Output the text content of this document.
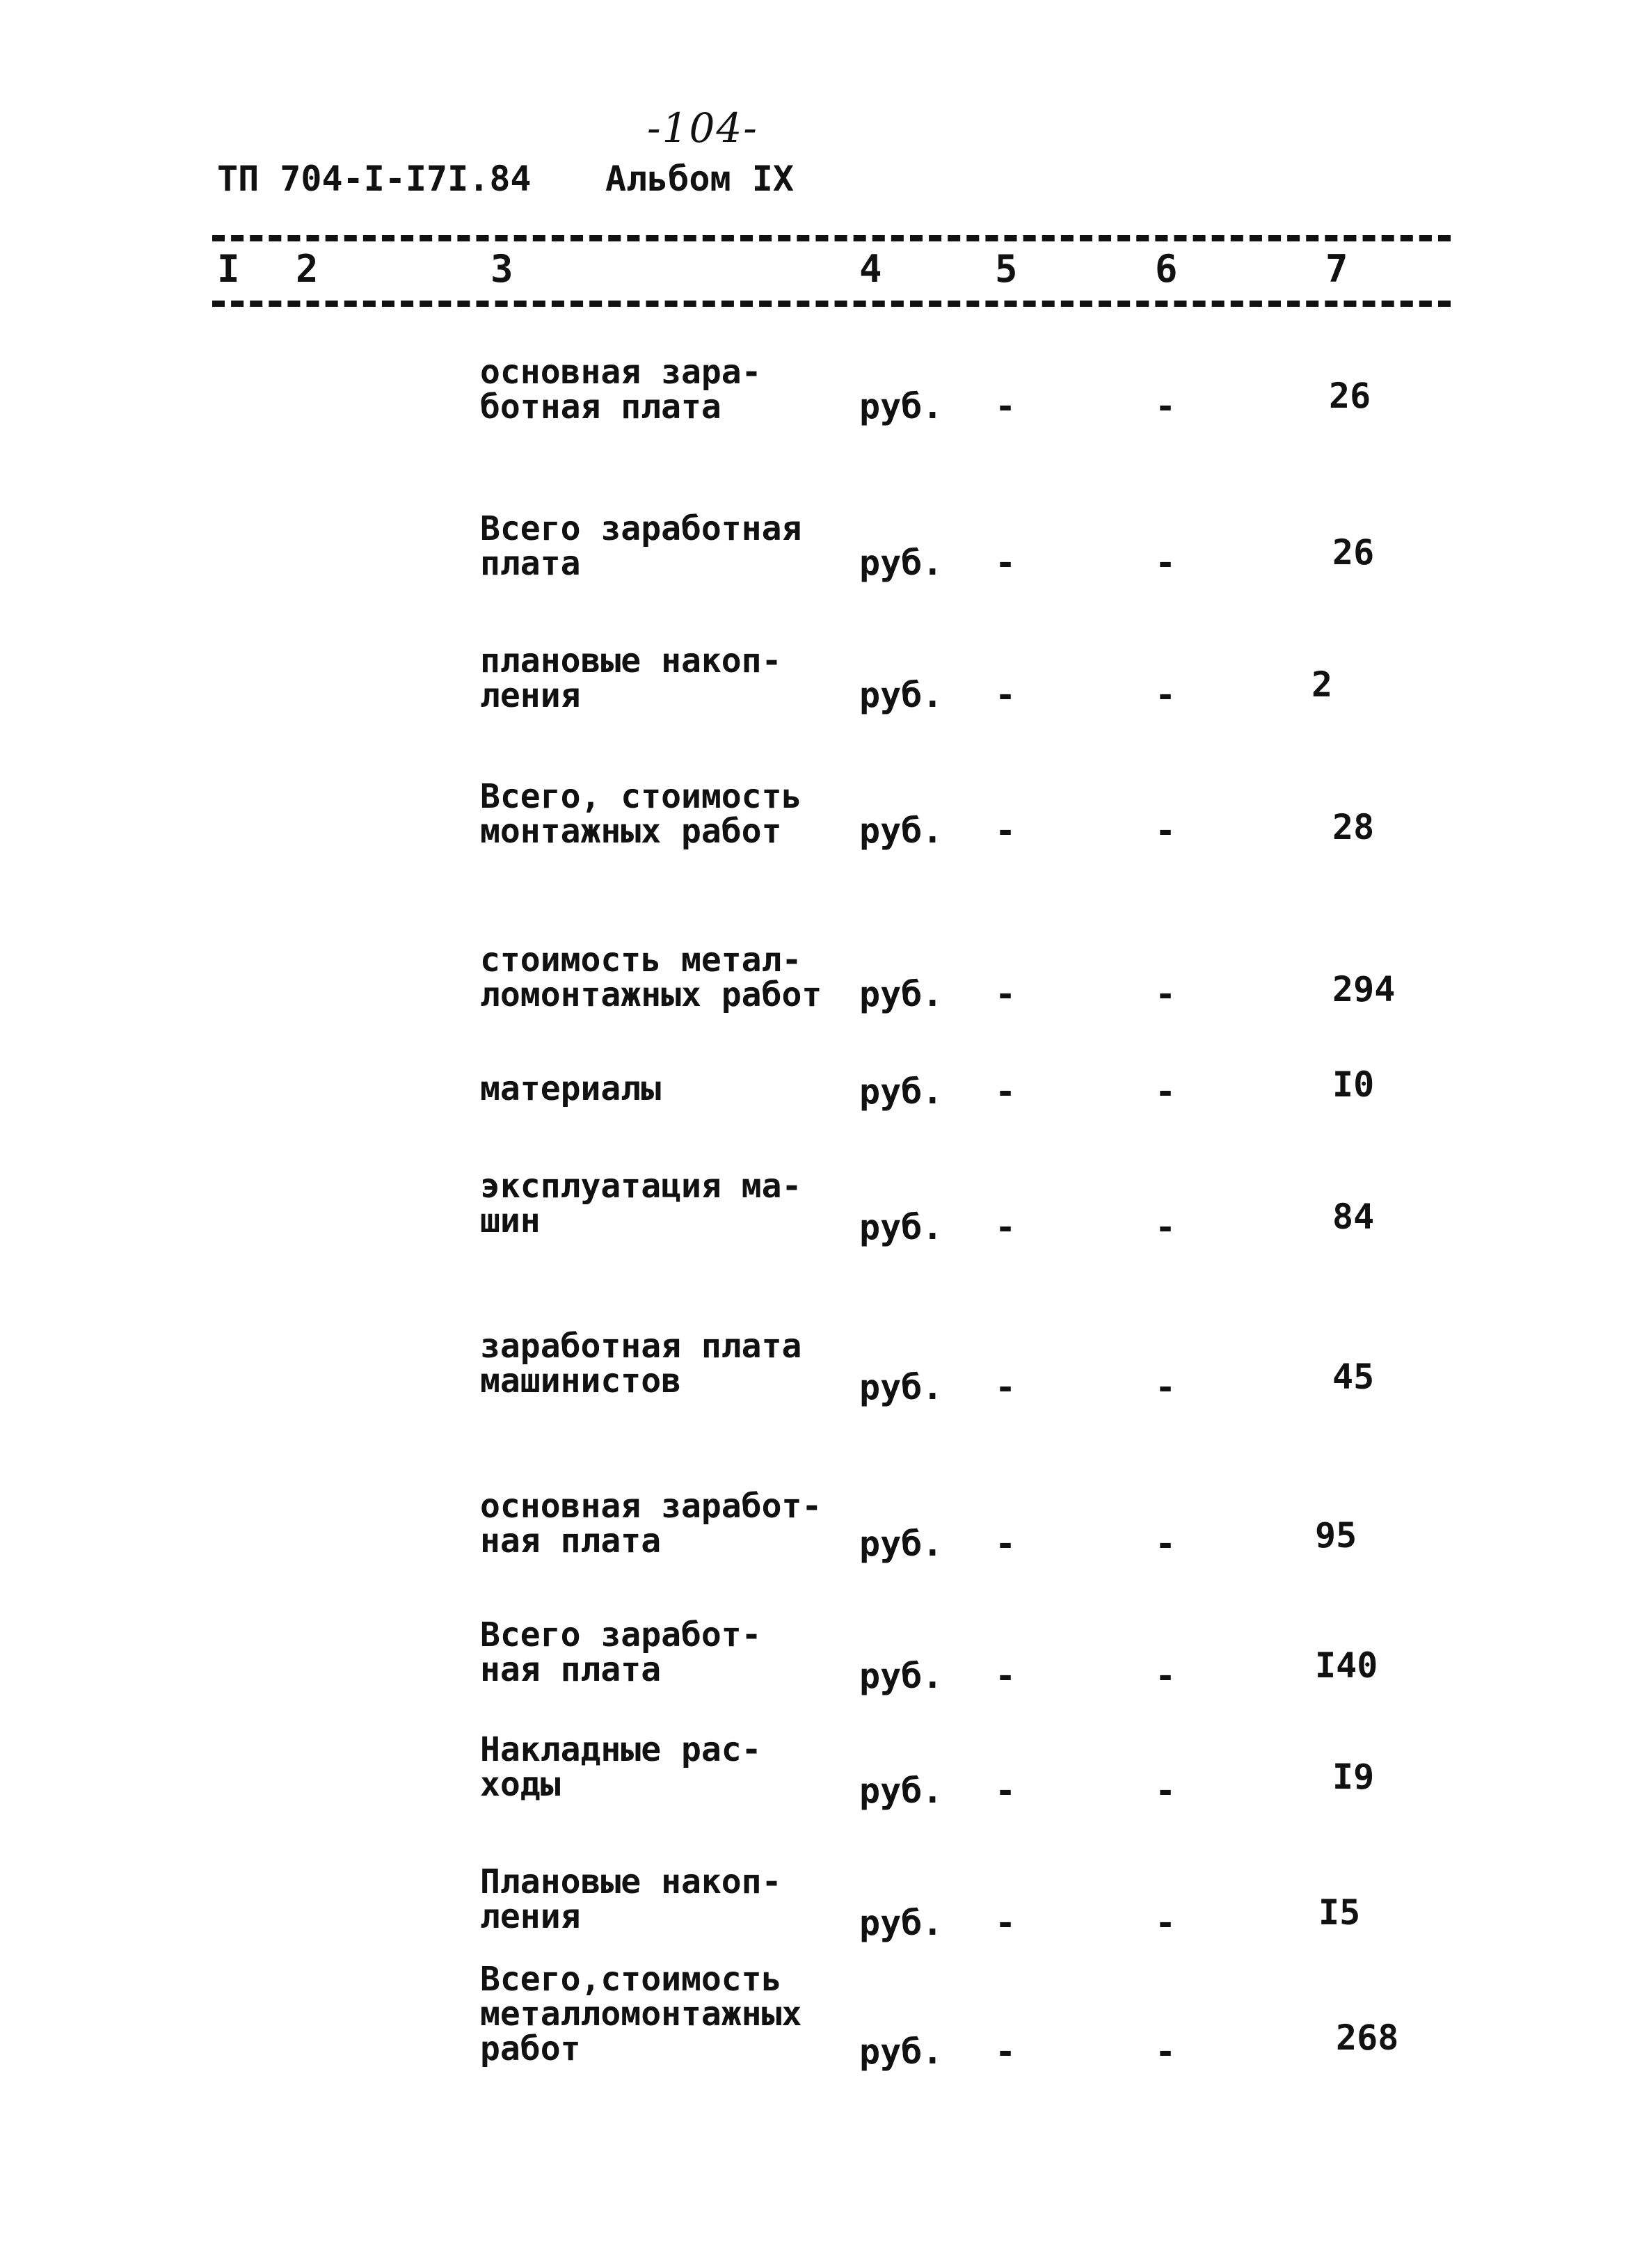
-104-
ТП 704-I-I7I.84 Альбом IX
I 2	3	4	5	6	7
основная зара-
ботная плата	руб. -	-	26
Всего заработная
плата	руб. -	-	26
плановые накоп-
ления	руб. -	-	2
Всего, стоимость
монтажных работ	руб. -	-	28
стоимость метал-
ломонтажных работ	руб. -	-	294
материалы	руб. -	-	I0
эксплуатация ма-
шин	руб. -	-	84
заработная плата
машинистов	руб. -	-	45
основная заработ-
ная плата	руб. -	-	95
Всего заработ-
ная плата	руб. -	-	I40
Накладные рас-
ходы	руб. -	-	I9
Плановые накоп-
ления	руб. -	-	I5
Всего,стоимость
металломонтажных
работ	руб. -	-	268
